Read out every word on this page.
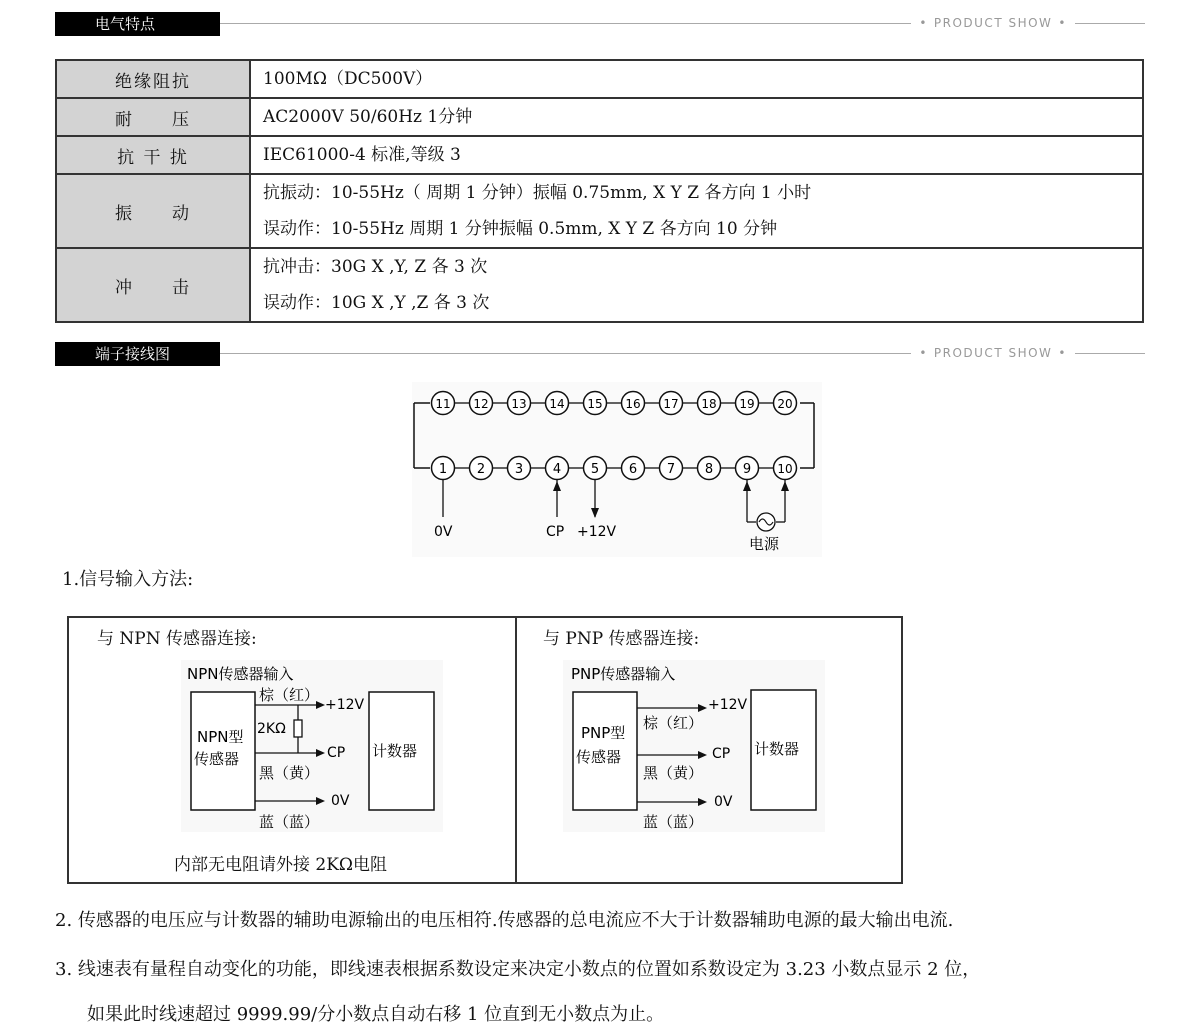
电气特点	• PRODUCT SHOW •
绝缘阻抗	100MΩ（DC500V）

耐　　压	AC2000V 50/60Hz 1分钟

抗 干 扰	IEC61000-4 标准,等级 3

振　　动	抗振动：10-55Hz（ 周期 1 分钟）振幅 0.75mm, X Y Z 各方向 1 小时
误动作：10-55Hz 周期 1 分钟振幅 0.5mm, X Y Z 各方向 10 分钟

冲　　击	抗冲击：30G X ,Y, Z 各 3 次
误动作：10G X ,Y ,Z 各 3 次
端子接线图	• PRODUCT SHOW •
11 12 13 14 15 16 17 18 19 20
1 2 3 4 5 6 7 8 9 10
0V	CP +12V
电源
1.信号输入方法:
与 NPN 传感器连接:	与 PNP 传感器连接:
NPN传感器输入
NPN型
传感器	计数器
棕（红）
+12V
2KΩ
CP
黑（黄）
0V
蓝（蓝）
PNP传感器输入
PNP型
传感器	计数器
+12V
棕（红）
CP
黑（黄）
0V
蓝（蓝）
内部无电阻请外接 2KΩ电阻
2. 传感器的电压应与计数器的辅助电源输出的电压相符.传感器的总电流应不大于计数器辅助电源的最大输出电流.
3. 线速表有量程自动变化的功能，即线速表根据系数设定来决定小数点的位置如系数设定为 3.23 小数点显示 2 位，
如果此时线速超过 9999.99/分小数点自动右移 1 位直到无小数点为止。
